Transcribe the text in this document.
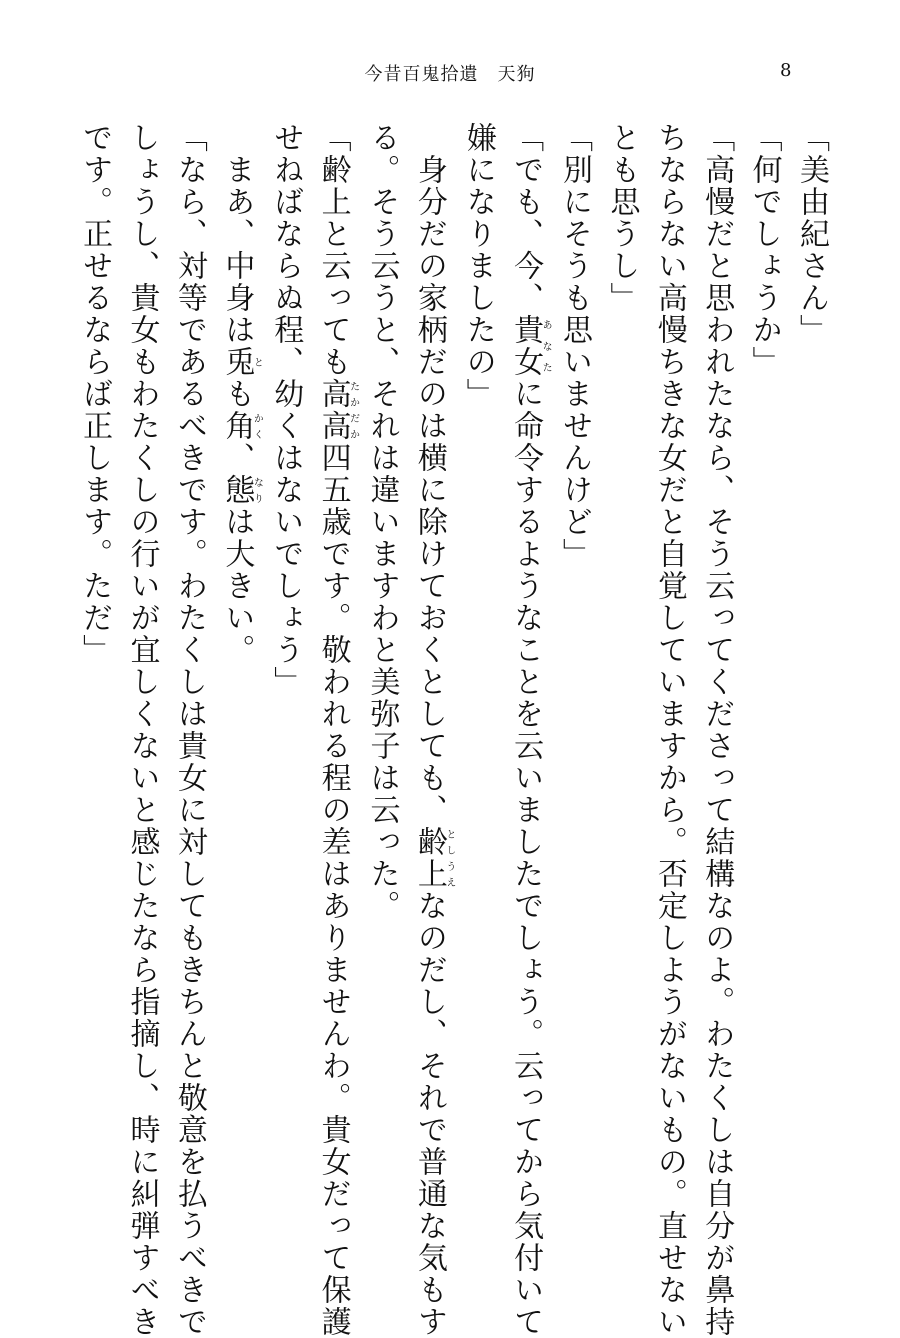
今昔百鬼拾遺　天狗	8

「美由紀さん」

「何でしょうか」

「高慢だと思われたなら、そう云ってくださって結構なのよ。わたくしは自分が鼻持

ちならない高慢ちきな女だと自覚していますから。否定しようがないもの。直せない

とも思うし」

「別にそうも思いませんけど」

「でも、今、貴女あなたに命令するようなことを云いましたでしょう。云ってから気付いて

嫌になりましたの」

　身分だの家柄だのは横に除けておくとしても、齢上としうえなのだし、それで普通な気もす

る。そう云うと、それは違いますわと美弥子は云った。

「齢上と云っても高高たかだか四五歳です。敬われる程の差はありませんわ。貴女だって保護

せねばならぬ程、幼くはないでしょう」

　まあ、中身は兎とも角かく、態なりは大きい。

「なら、対等であるべきです。わたくしは貴女に対してもきちんと敬意を払うべきで

しょうし、貴女もわたくしの行いが宜しくないと感じたなら指摘し、時に糾弾すべき

です。正せるならば正します。ただ」
